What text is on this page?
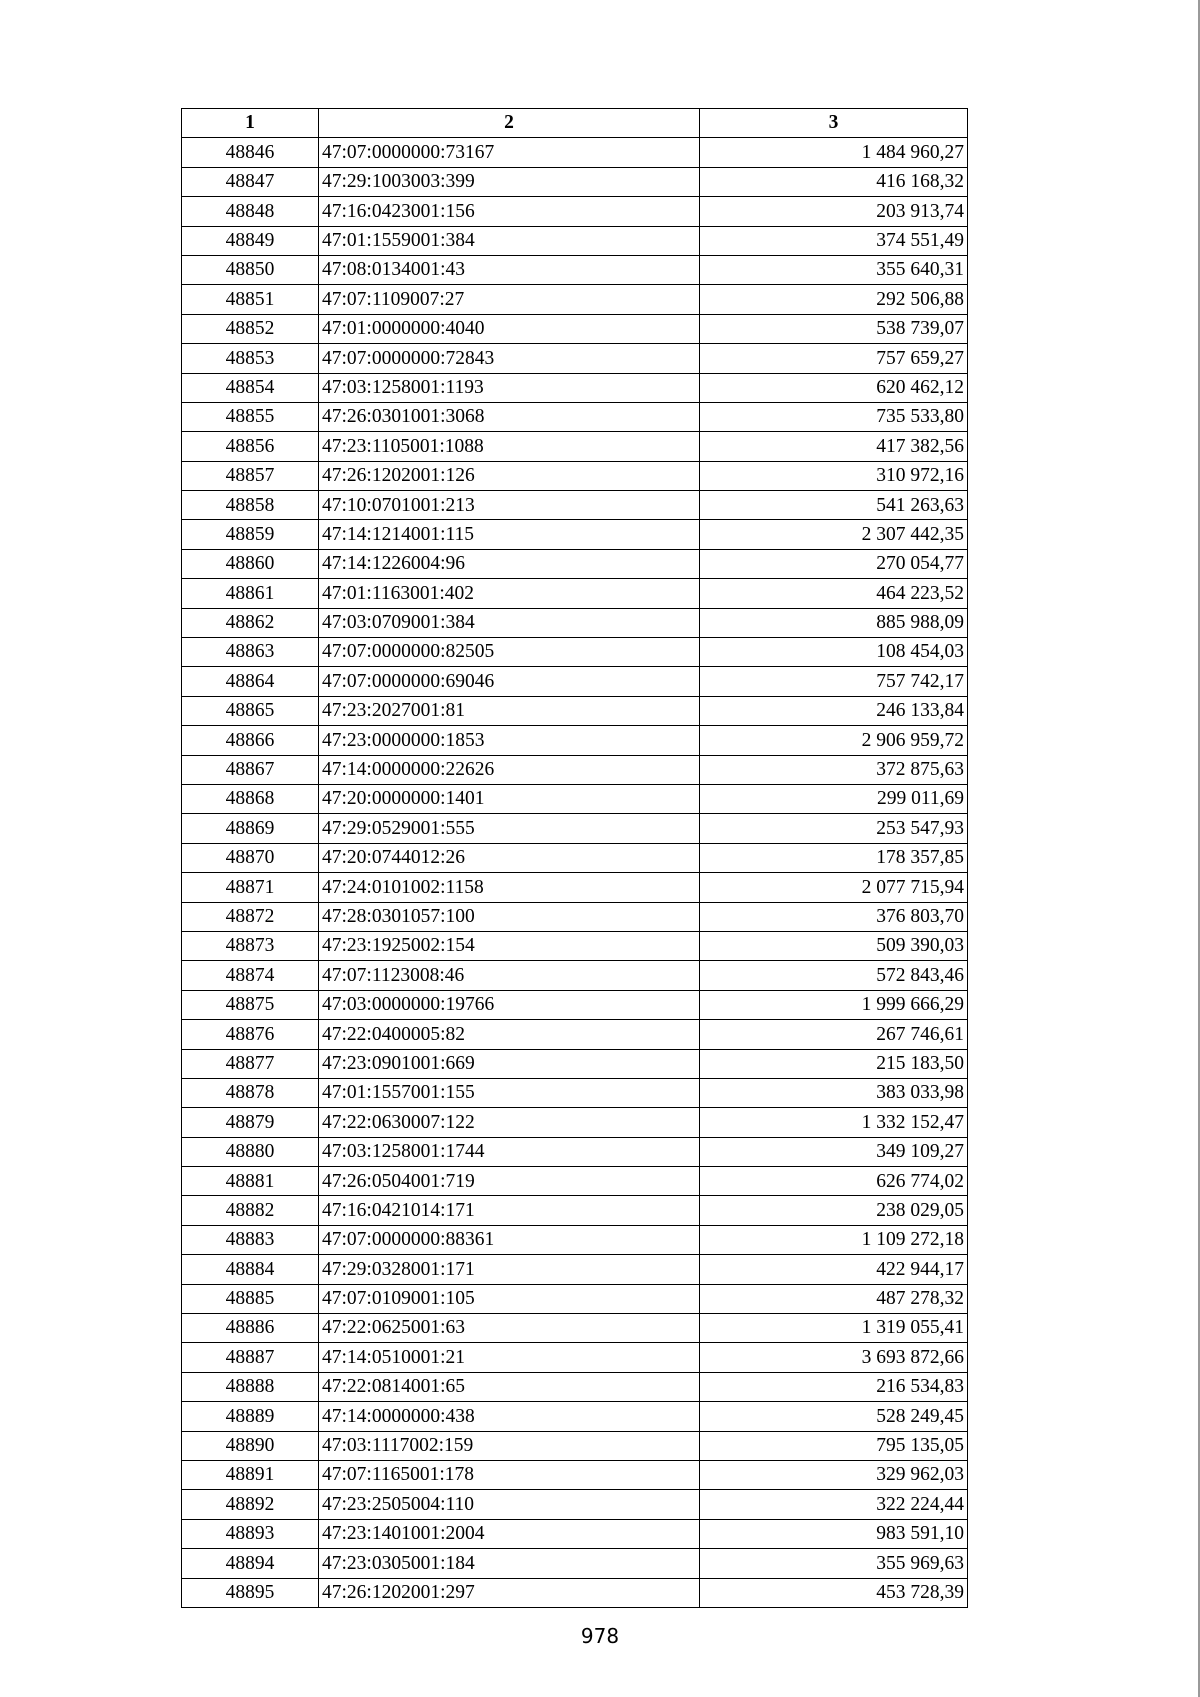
1	2	3
48846	47:07:0000000:73167	1 484 960,27
48847	47:29:1003003:399	416 168,32
48848	47:16:0423001:156	203 913,74
48849	47:01:1559001:384	374 551,49
48850	47:08:0134001:43	355 640,31
48851	47:07:1109007:27	292 506,88
48852	47:01:0000000:4040	538 739,07
48853	47:07:0000000:72843	757 659,27
48854	47:03:1258001:1193	620 462,12
48855	47:26:0301001:3068	735 533,80
48856	47:23:1105001:1088	417 382,56
48857	47:26:1202001:126	310 972,16
48858	47:10:0701001:213	541 263,63
48859	47:14:1214001:115	2 307 442,35
48860	47:14:1226004:96	270 054,77
48861	47:01:1163001:402	464 223,52
48862	47:03:0709001:384	885 988,09
48863	47:07:0000000:82505	108 454,03
48864	47:07:0000000:69046	757 742,17
48865	47:23:2027001:81	246 133,84
48866	47:23:0000000:1853	2 906 959,72
48867	47:14:0000000:22626	372 875,63
48868	47:20:0000000:1401	299 011,69
48869	47:29:0529001:555	253 547,93
48870	47:20:0744012:26	178 357,85
48871	47:24:0101002:1158	2 077 715,94
48872	47:28:0301057:100	376 803,70
48873	47:23:1925002:154	509 390,03
48874	47:07:1123008:46	572 843,46
48875	47:03:0000000:19766	1 999 666,29
48876	47:22:0400005:82	267 746,61
48877	47:23:0901001:669	215 183,50
48878	47:01:1557001:155	383 033,98
48879	47:22:0630007:122	1 332 152,47
48880	47:03:1258001:1744	349 109,27
48881	47:26:0504001:719	626 774,02
48882	47:16:0421014:171	238 029,05
48883	47:07:0000000:88361	1 109 272,18
48884	47:29:0328001:171	422 944,17
48885	47:07:0109001:105	487 278,32
48886	47:22:0625001:63	1 319 055,41
48887	47:14:0510001:21	3 693 872,66
48888	47:22:0814001:65	216 534,83
48889	47:14:0000000:438	528 249,45
48890	47:03:1117002:159	795 135,05
48891	47:07:1165001:178	329 962,03
48892	47:23:2505004:110	322 224,44
48893	47:23:1401001:2004	983 591,10
48894	47:23:0305001:184	355 969,63
48895	47:26:1202001:297	453 728,39
978
